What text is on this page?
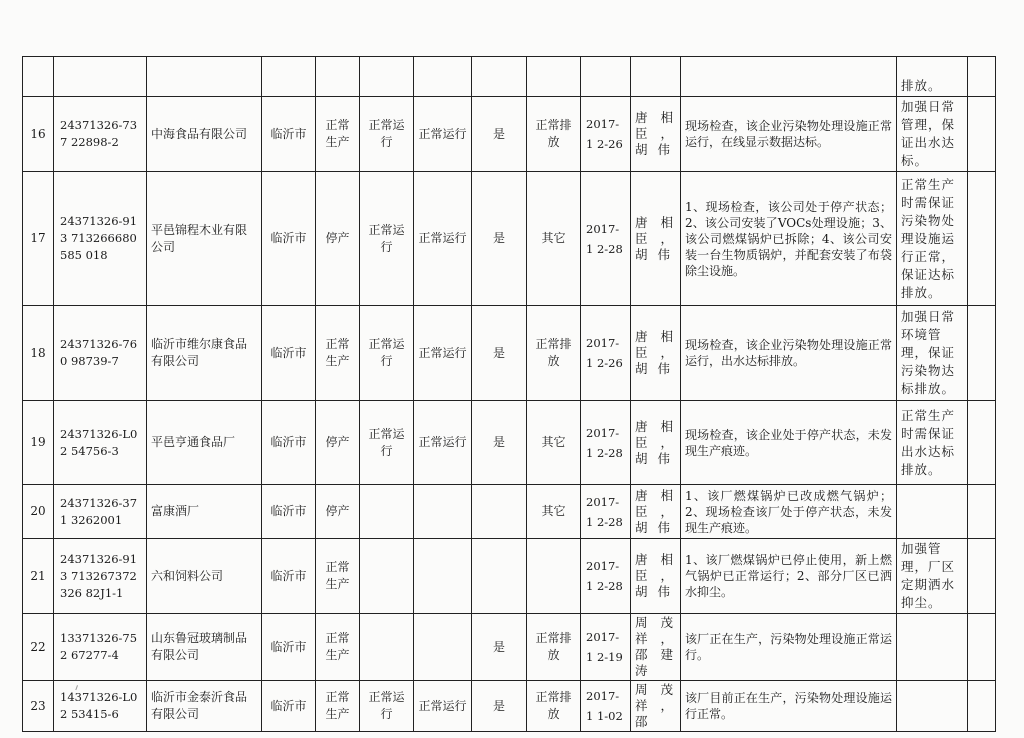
												排放。	
16	24371326-737 22898-2	中海食品有限公司	临沂市	正常生产	正常运行	正常运行	是	正常排放	2017-1 2-26	唐 相 臣，胡 伟	现场检查，该企业污染物处理设施正常运行，在线显示数据达标。	加强日常管理，保证出水达标。	
17	24371326-913 713266680585 018	平邑锦程木业有限公司	临沂市	停产	正常运行	正常运行	是	其它	2017-1 2-28	唐 相 臣，胡 伟	1、现场检查，该公司处于停产状态；2、该公司安装了VOCs处理设施；3、该公司燃煤锅炉已拆除；4、该公司安装一台生物质锅炉，并配套安装了布袋除尘设施。	正常生产时需保证污染物处理设施运行正常，保证达标排放。	
18	24371326-760 98739-7	临沂市维尔康食品有限公司	临沂市	正常生产	正常运行	正常运行	是	正常排放	2017-1 2-26	唐 相 臣，胡 伟	现场检查，该企业污染物处理设施正常运行，出水达标排放。	加强日常环境管理，保证污染物达标排放。	
19	24371326-L02 54756-3	平邑亨通食品厂	临沂市	停产	正常运行	正常运行	是	其它	2017-1 2-28	唐 相 臣，胡 伟	现场检查，该企业处于停产状态，未发现生产痕迹。	正常生产时需保证出水达标排放。	
20	24371326-371 3262001	富康酒厂	临沂市	停产				其它	2017-1 2-28	唐 相 臣，胡 伟	1、该厂燃煤锅炉已改成燃气锅炉；2、现场检查该厂处于停产状态，未发现生产痕迹。		
21	24371326-913 713267372326 82J1-1	六和饲料公司	临沂市	正常生产					2017-1 2-28	唐 相 臣，胡 伟	1、该厂燃煤锅炉已停止使用，新上燃气锅炉已正常运行；2、部分厂区已洒水抑尘。	加强管理，厂区定期洒水抑尘。	
22	13371326-752 67277-4	山东鲁冠玻璃制品有限公司	临沂市	正常生产			是	正常排放	2017-1 2-19	周 茂 祥，邵 建涛	该厂正在生产，污染物处理设施正常运行。		
23	14371326-L02 53415-6	临沂市金泰沂食品有限公司	临沂市	正常生产	正常运行	正常运行	是	正常排放	2017-1 1-02	周 茂 祥，邵	该厂目前正在生产，污染物处理设施运行正常。		
